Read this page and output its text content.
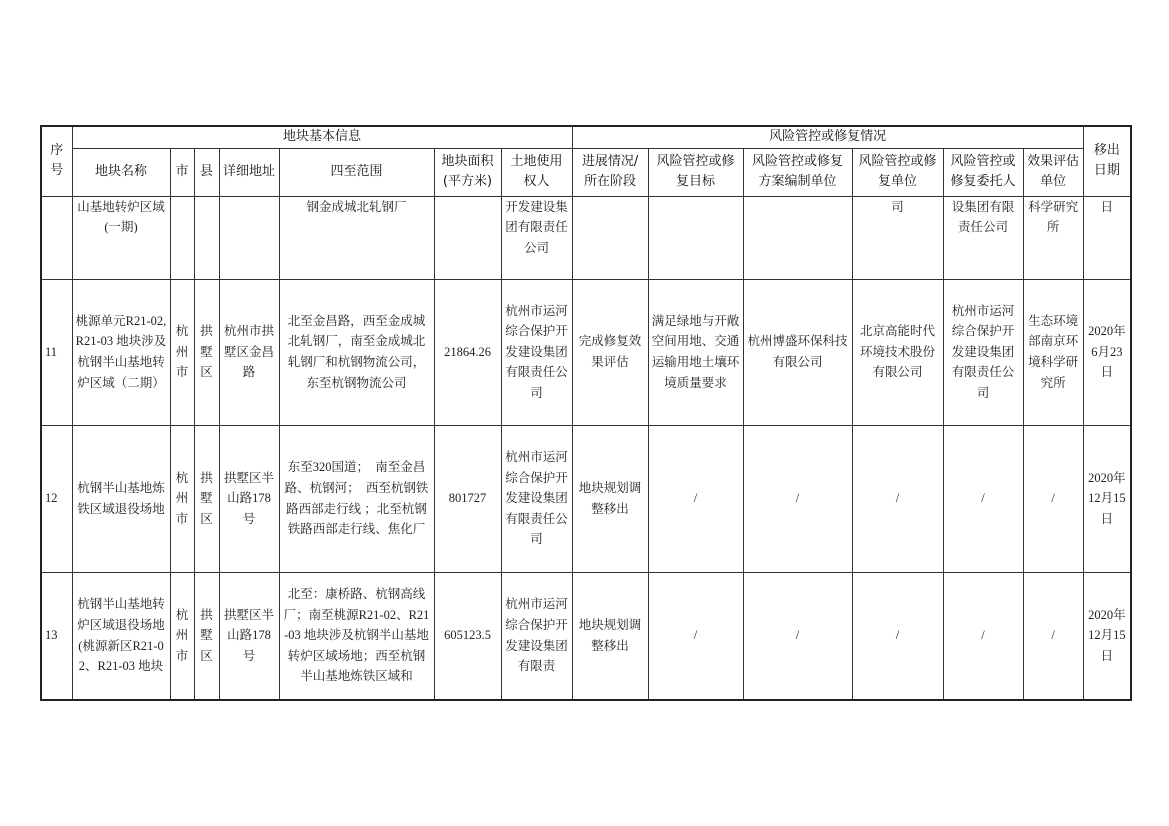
序号	地块基本信息							风险管控或修复情况						移出日期
	地块名称	市	县	详细地址	四至范围	地块面积(平方米)	土地使用权人	进展情况/所在阶段	风险管控或修复目标	风险管控或修复方案编制单位	风险管控或修复单位	风险管控或修复委托人	效果评估单位	

山基地转炉区域(一期)				钢金成城北轧钢厂		开发建设集团有限责任公司				司	设集团有限责任公司	科学研究所	日

11	桃源单元R21-02,R21-03 地块涉及杭钢半山基地转炉区域（二期）	杭州市	拱墅区	杭州市拱墅区金昌路	北至金昌路，西至金成城北轧钢厂，南至金成城北轧钢厂和杭钢物流公司，东至杭钢物流公司	21864.26	杭州市运河综合保护开发建设集团有限责任公司	完成修复效果评估	满足绿地与开敞空间用地、交通运输用地土壤环境质量要求	杭州博盛环保科技有限公司	北京高能时代环境技术股份有限公司	杭州市运河综合保护开发建设集团有限责任公司	生态环境部南京环境科学研究所	2020年6月23日

12	杭钢半山基地炼铁区域退役场地	杭州市	拱墅区	拱墅区半山路178号	东至320国道；　南至金昌路、杭钢河；　西至杭钢铁路西部走行线 ；北至杭钢铁路西部走行线、焦化厂	801727	杭州市运河综合保护开发建设集团有限责任公司	地块规划调整移出	/	/	/	/	/	2020年12月15日

13	杭钢半山基地转炉区域退役场地(桃源新区R21-02、R21-03 地块	杭州市	拱墅区	拱墅区半山路178号	北至：康桥路、杭钢高线厂；南至桃源R21-02、R21-03 地块涉及杭钢半山基地转炉区域场地；西至杭钢半山基地炼铁区域和	605123.5	杭州市运河综合保护开发建设集团有限责	地块规划调整移出	/	/	/	/	/	2020年12月15日
